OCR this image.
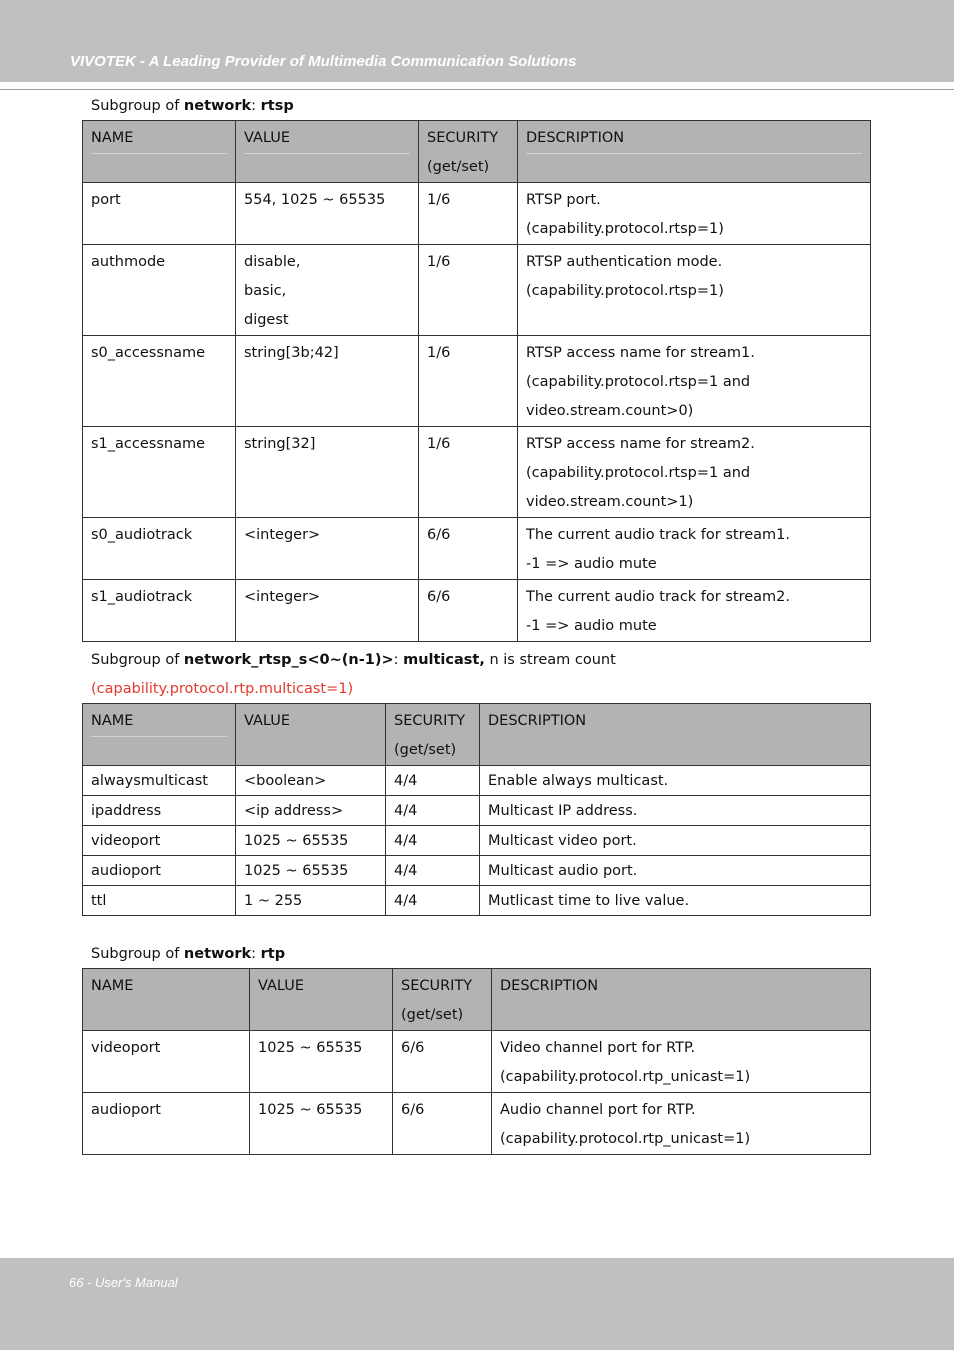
VIVOTEK - A Leading Provider of Multimedia Communication Solutions
Subgroup of network: rtsp
NAME	VALUE	SECURITY
(get/set)	DESCRIPTION

port	554, 1025 ~ 65535	1/6	RTSP port.
(capability.protocol.rtsp=1)

authmode	disable,
basic,
digest	1/6	RTSP authentication mode.
(capability.protocol.rtsp=1)

s0_accessname	string[3b;42]	1/6	RTSP access name for stream1.
(capability.protocol.rtsp=1 and
video.stream.count>0)

s1_accessname	string[32]	1/6	RTSP access name for stream2.
(capability.protocol.rtsp=1 and
video.stream.count>1)

s0_audiotrack	<integer>	6/6	The current audio track for stream1.
-1 => audio mute

s1_audiotrack	<integer>	6/6	The current audio track for stream2.
-1 => audio mute
Subgroup of network_rtsp_s<0~(n-1)>: multicast, n is stream count
(capability.protocol.rtp.multicast=1)
NAME	VALUE	SECURITY
(get/set)	DESCRIPTION

alwaysmulticast	<boolean>	4/4	Enable always multicast.

ipaddress	<ip address>	4/4	Multicast IP address.

videoport	1025 ~ 65535	4/4	Multicast video port.

audioport	1025 ~ 65535	4/4	Multicast audio port.

ttl	1 ~ 255	4/4	Mutlicast time to live value.
Subgroup of network: rtp
NAME	VALUE	SECURITY
(get/set)	DESCRIPTION

videoport	1025 ~ 65535	6/6	Video channel port for RTP.
(capability.protocol.rtp_unicast=1)

audioport	1025 ~ 65535	6/6	Audio channel port for RTP.
(capability.protocol.rtp_unicast=1)
66 - User's Manual
